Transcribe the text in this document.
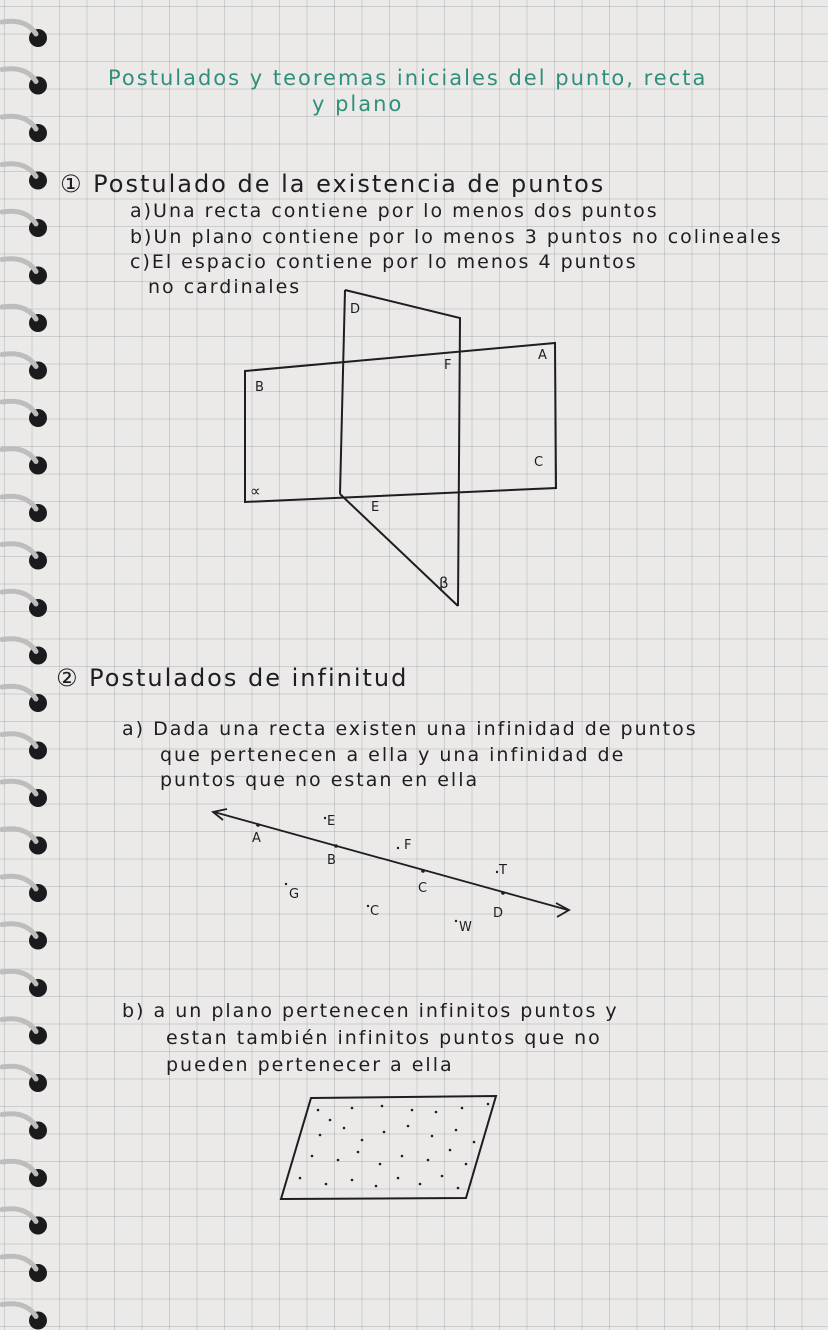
Postulados y teoremas iniciales del punto, recta
y plano
① Postulado de la existencia de puntos
a)Una recta contiene por lo menos dos puntos
b)Un plano contiene por lo menos 3 puntos no colineales
c)El espacio contiene por lo menos 4 puntos
no cardinales
D
F
A
B
C
∝
E
β
② Postulados de infinitud
a) Dada una recta existen una infinidad de puntos
que pertenecen a ella y una infinidad de
puntos que no estan en ella
A
E
F
B
T
G	C
D
C
W
b) a un plano pertenecen infinitos puntos y
estan también infinitos puntos que no
pueden pertenecer a ella
